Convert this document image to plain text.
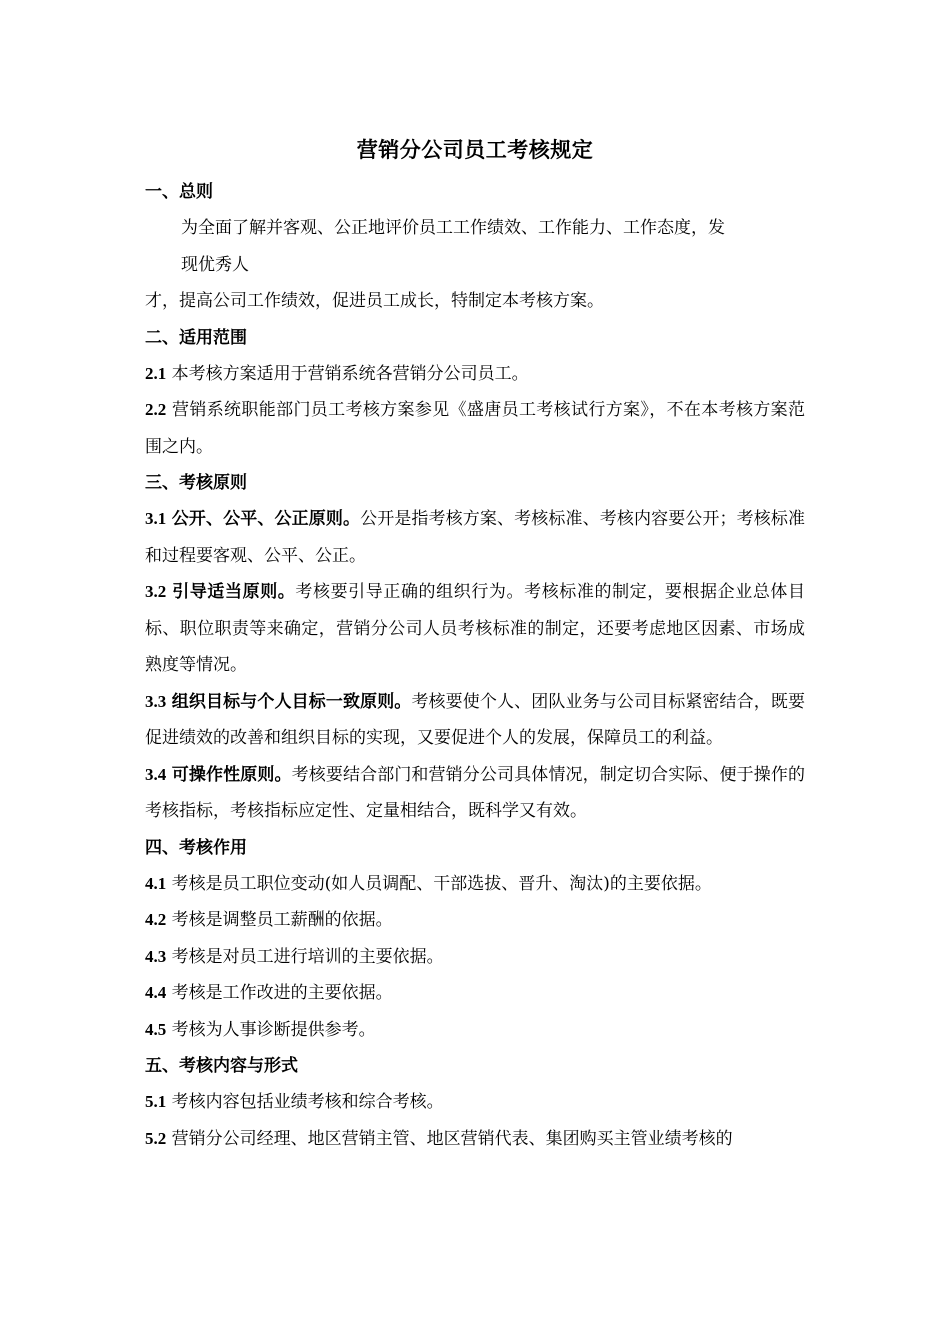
营销分公司员工考核规定
一、总则

为全面了解并客观、公正地评价员工工作绩效、工作能力、工作态度，发

现优秀人

才，提高公司工作绩效，促进员工成长，特制定本考核方案。

二、适用范围

2.1 本考核方案适用于营销系统各营销分公司员工。

2.2 营销系统职能部门员工考核方案参见《盛唐员工考核试行方案》，不在本考核方案范围之内。

三、考核原则

3.1 公开、公平、公正原则。公开是指考核方案、考核标准、考核内容要公开；考核标准和过程要客观、公平、公正。

3.2 引导适当原则。考核要引导正确的组织行为。考核标准的制定，要根据企业总体目标、职位职责等来确定，营销分公司人员考核标准的制定，还要考虑地区因素、市场成熟度等情况。

3.3 组织目标与个人目标一致原则。考核要使个人、团队业务与公司目标紧密结合，既要促进绩效的改善和组织目标的实现，又要促进个人的发展，保障员工的利益。

3.4 可操作性原则。考核要结合部门和营销分公司具体情况，制定切合实际、便于操作的考核指标，考核指标应定性、定量相结合，既科学又有效。

四、考核作用

4.1 考核是员工职位变动(如人员调配、干部选拔、晋升、淘汰)的主要依据。

4.2 考核是调整员工薪酬的依据。

4.3 考核是对员工进行培训的主要依据。

4.4 考核是工作改进的主要依据。

4.5 考核为人事诊断提供参考。

五、考核内容与形式

5.1 考核内容包括业绩考核和综合考核。

5.2 营销分公司经理、地区营销主管、地区营销代表、集团购买主管业绩考核的
